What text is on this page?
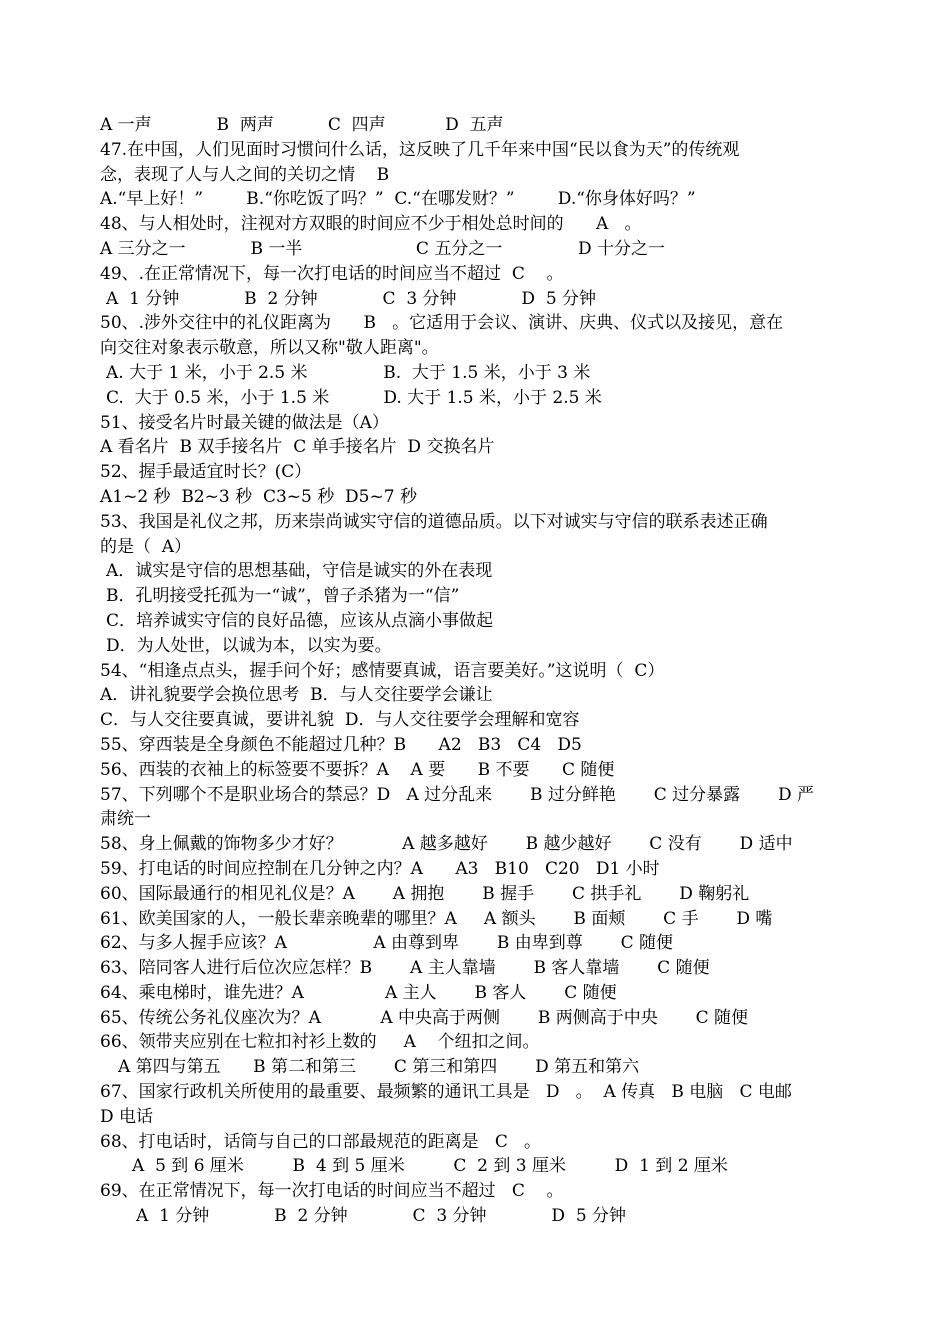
A 一声            B  两声          C  四声           D  五声
47.在中国，人们见面时习惯问什么话，这反映了几千年来中国“民以食为天”的传统观
念，表现了人与人之间的关切之情    B
A.“早上好！”        B.“你吃饭了吗？”  C.“在哪发财？”        D.“你身体好吗？”
48、与人相处时，注视对方双眼的时间应不少于相处总时间的      A   。
A 三分之一            B 一半                     C 五分之一              D 十分之一
49、.在正常情况下，每一次打电话的时间应当不超过  C    。
A  1 分钟            B  2 分钟            C  3 分钟            D  5 分钟
50、.涉外交往中的礼仪距离为      B   。它适用于会议、演讲、庆典、仪式以及接见，意在
向交往对象表示敬意，所以又称"敬人距离"。
A. 大于 1 米，小于 2.5 米              B.  大于 1.5 米，小于 3 米
C.  大于 0.5 米，小于 1.5 米          D. 大于 1.5 米，小于 2.5 米
51、接受名片时最关键的做法是（A）
A 看名片  B 双手接名片  C 单手接名片  D 交换名片
52、握手最适宜时长？(C）
A1~2 秒  B2~3 秒  C3~5 秒  D5~7 秒
53、我国是礼仪之邦，历来崇尚诚实守信的道德品质。以下对诚实与守信的联系表述正确
的是（  A）
A．诚实是守信的思想基础，守信是诚实的外在表现
B．孔明接受托孤为一“诚”，曾子杀猪为一“信”
C．培养诚实守信的良好品德，应该从点滴小事做起
D．为人处世，以诚为本，以实为要。
54、“相逢点点头，握手问个好；感情要真诚，语言要美好。”这说明（  C）
A．讲礼貌要学会换位思考  B．与人交往要学会谦让
C．与人交往要真诚，要讲礼貌  D．与人交往要学会理解和宽容
55、穿西装是全身颜色不能超过几种？B      A2   B3   C4   D5
56、西装的衣袖上的标签要不要拆？A    A 要      B 不要      C 随便
57、下列哪个不是职业场合的禁忌？D   A 过分乱来       B 过分鲜艳       C 过分暴露       D 严
肃统一
58、身上佩戴的饰物多少才好？           A 越多越好       B 越少越好       C 没有       D 适中
59、打电话的时间应控制在几分钟之内？A      A3   B10   C20   D1 小时
60、国际最通行的相见礼仪是？A       A 拥抱       B 握手       C 拱手礼       D 鞠躬礼
61、欧美国家的人，一般长辈亲晚辈的哪里？A     A 额头       B 面颊       C 手       D 嘴
62、与多人握手应该？A                A 由尊到卑       B 由卑到尊       C 随便
63、陪同客人进行后位次应怎样？B       A 主人靠墙       B 客人靠墙       C 随便
64、乘电梯时，谁先进？A               A 主人       B 客人       C 随便
65、传统公务礼仪座次为？A           A 中央高于两侧       B 两侧高于中央       C 随便
66、领带夹应别在七粒扣衬衫上数的     A    个纽扣之间。
A 第四与第五      B 第二和第三       C 第三和第四       D 第五和第六
67、国家行政机关所使用的最重要、最频繁的通讯工具是   D   。  A 传真   B 电脑   C 电邮
D 电话
68、打电话时，话筒与自己的口部最规范的距离是   C   。
A  5 到 6 厘米         B  4 到 5 厘米         C  2 到 3 厘米         D  1 到 2 厘米
69、在正常情况下，每一次打电话的时间应当不超过   C    。
A  1 分钟            B  2 分钟            C  3 分钟            D  5 分钟
